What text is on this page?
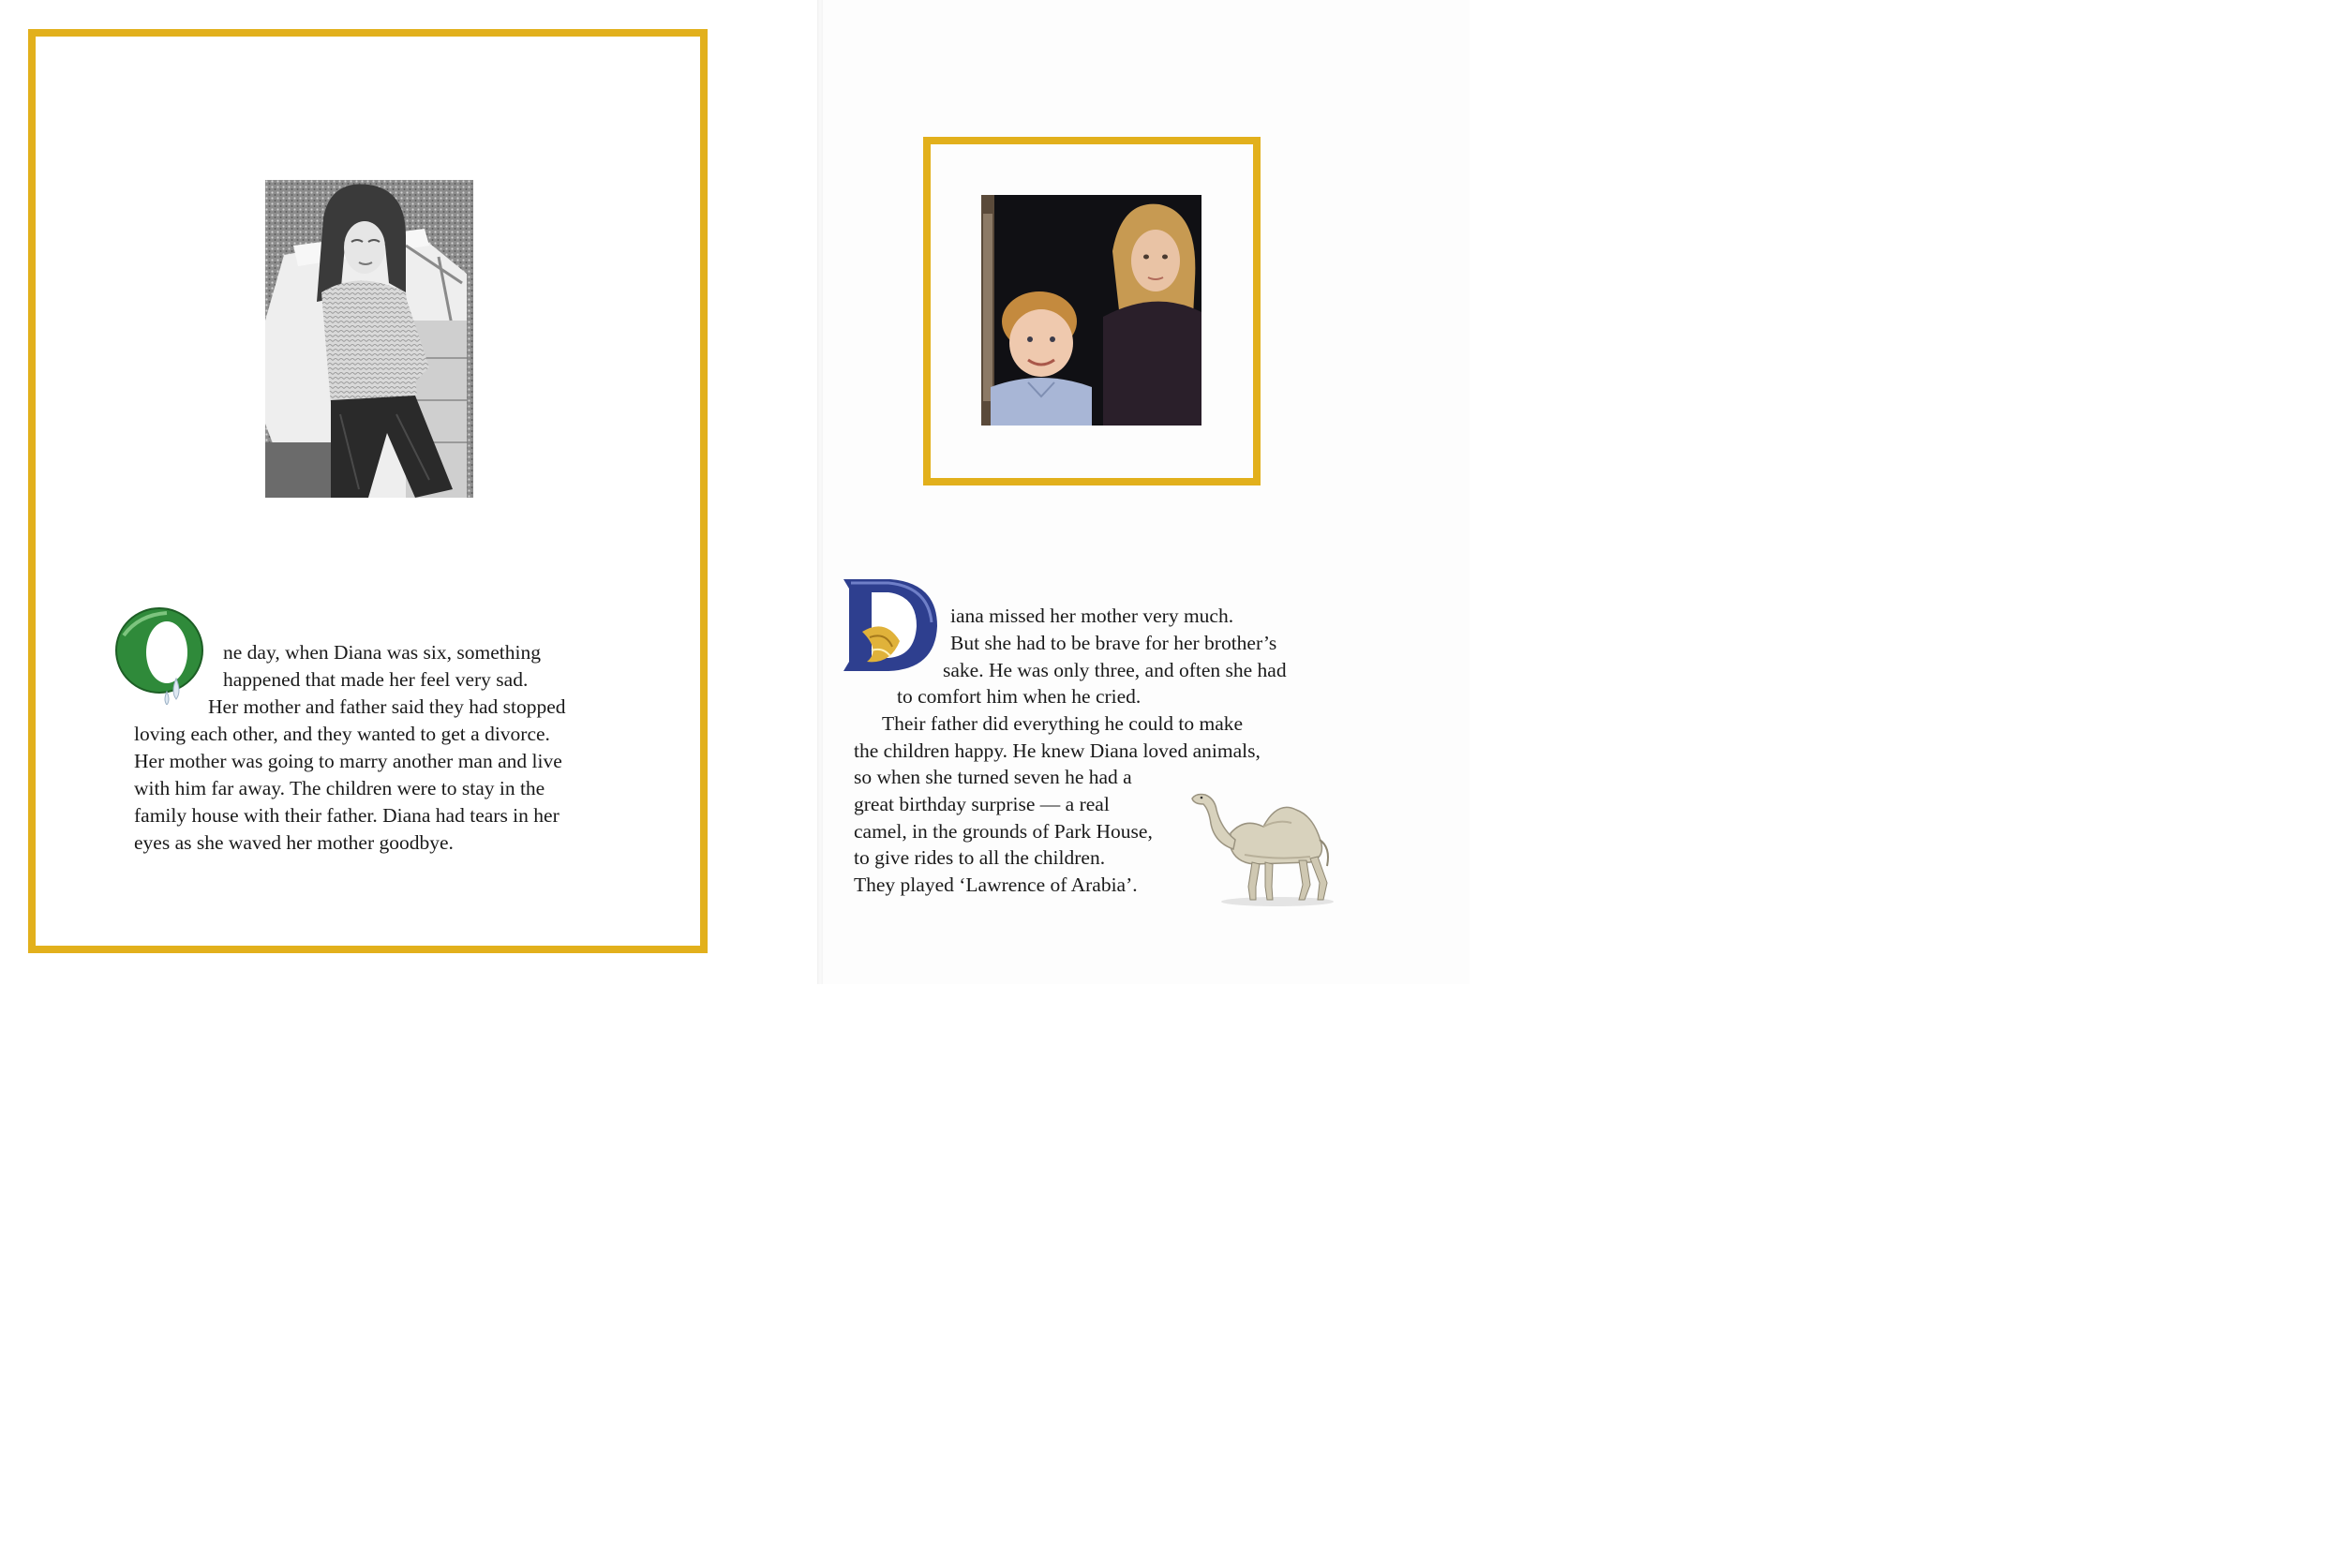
ne day, when Diana was six, something
happened that made her feel very sad.
Her mother and father said they had stopped
loving each other, and they wanted to get a divorce.
Her mother was going to marry another man and live
with him far away. The children were to stay in the
family house with their father. Diana had tears in her
eyes as she waved her mother goodbye.
iana missed her mother very much.
But she had to be brave for her brother’s
sake. He was only three, and often she had
to comfort him when he cried.
Their father did everything he could to make
the children happy. He knew Diana loved animals,
so when she turned seven he had a
great birthday surprise — a real
camel, in the grounds of Park House,
to give rides to all the children.
They played ‘Lawrence of Arabia’.
